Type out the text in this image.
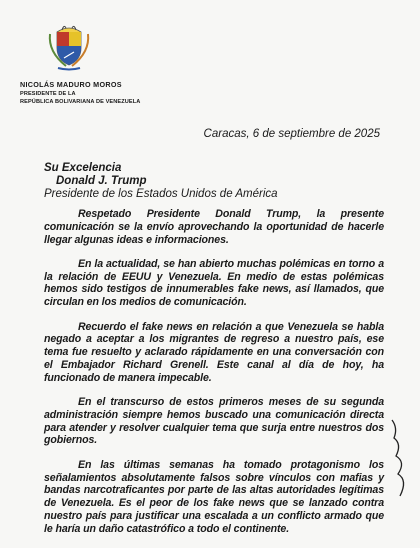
NICOLÁS MADURO MOROS
PRESIDENTE DE LA
REPÚBLICA BOLIVARIANA DE VENEZUELA
Caracas, 6 de septiembre de 2025
Su Excelencia
Donald J. Trump
Presidente de los Estados Unidos de América

Respetado Presidente Donald Trump, la presente comunicación se la envío aprovechando la oportunidad de hacerle llegar algunas ideas e informaciones.

En la actualidad, se han abierto muchas polémicas en torno a la relación de EEUU y Venezuela. En medio de estas polémicas hemos sido testigos de innumerables fake news, así llamados, que circulan en los medios de comunicación.

Recuerdo el fake news en relación a que Venezuela se habla negado a aceptar a los migrantes de regreso a nuestro país, ese tema fue resuelto y aclarado rápidamente en una conversación con el Embajador Richard Grenell. Este canal al día de hoy, ha funcionado de manera impecable.

En el transcurso de estos primeros meses de su segunda administración siempre hemos buscado una comunicación directa para atender y resolver cualquier tema que surja entre nuestros dos gobiernos.

En las últimas semanas ha tomado protagonismo los señalamientos absolutamente falsos sobre vínculos con mafias y bandas narcotraficantes por parte de las altas autoridades legítimas de Venezuela. Es el peor de los fake news que se lanzado contra nuestro país para justificar una escalada a un conflicto armado que le haría un daño catastrófico a todo el continente.
